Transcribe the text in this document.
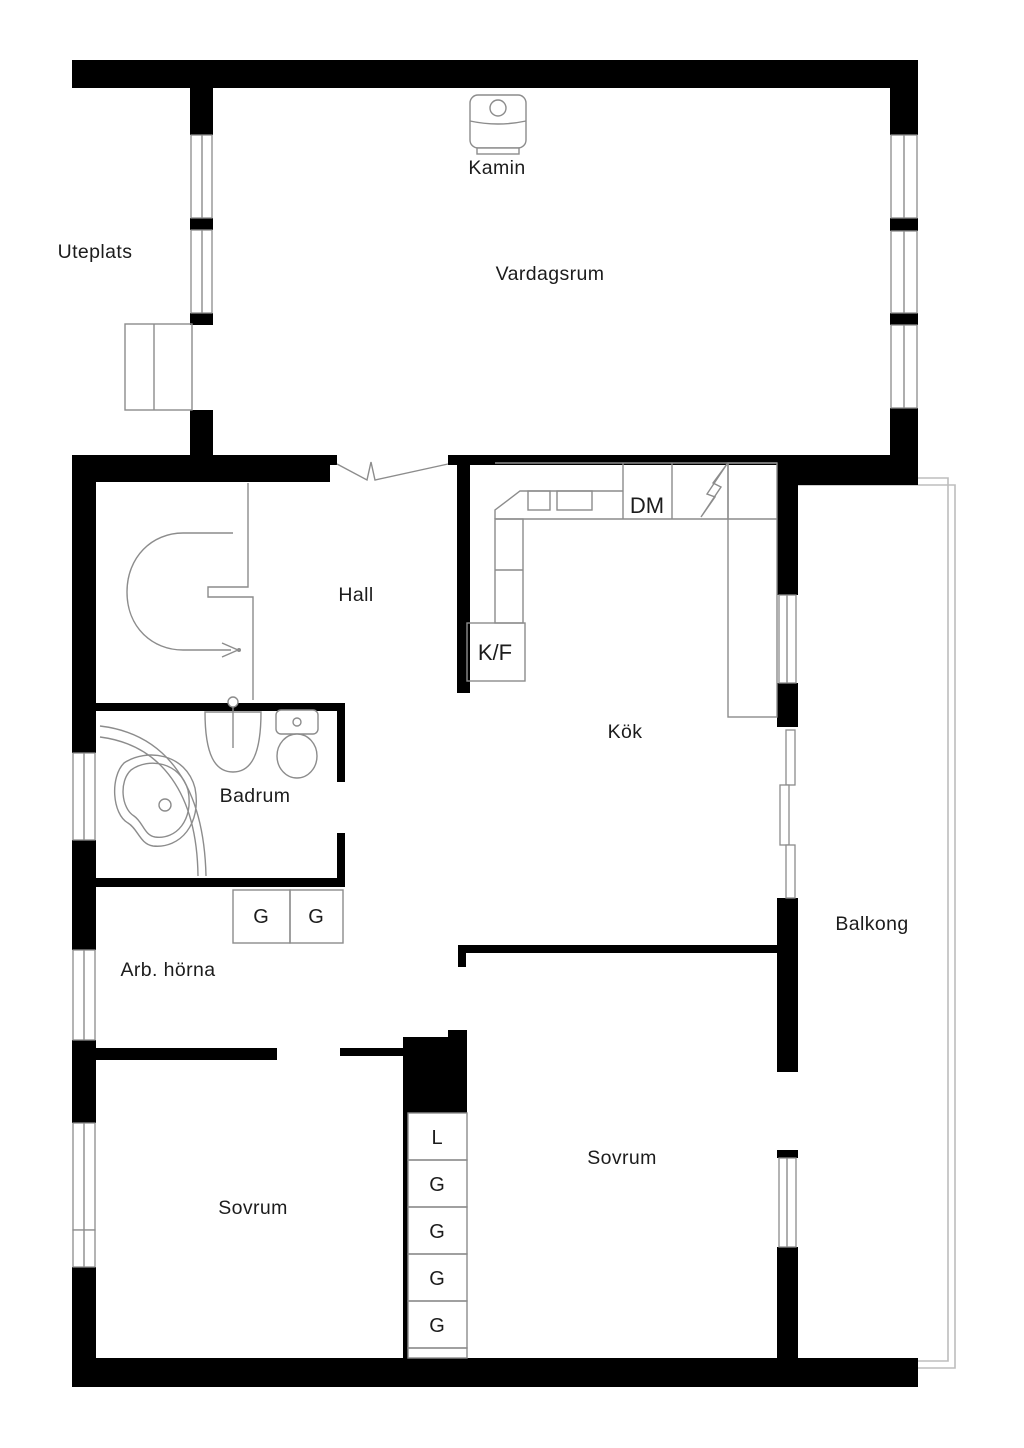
Uteplats
Vardagsrum
Hall
Kök
Badrum
Arb. hörna
Balkong
Sovrum
Sovrum
Kamin
DM
K/F
G G
L
G
G
G
G
